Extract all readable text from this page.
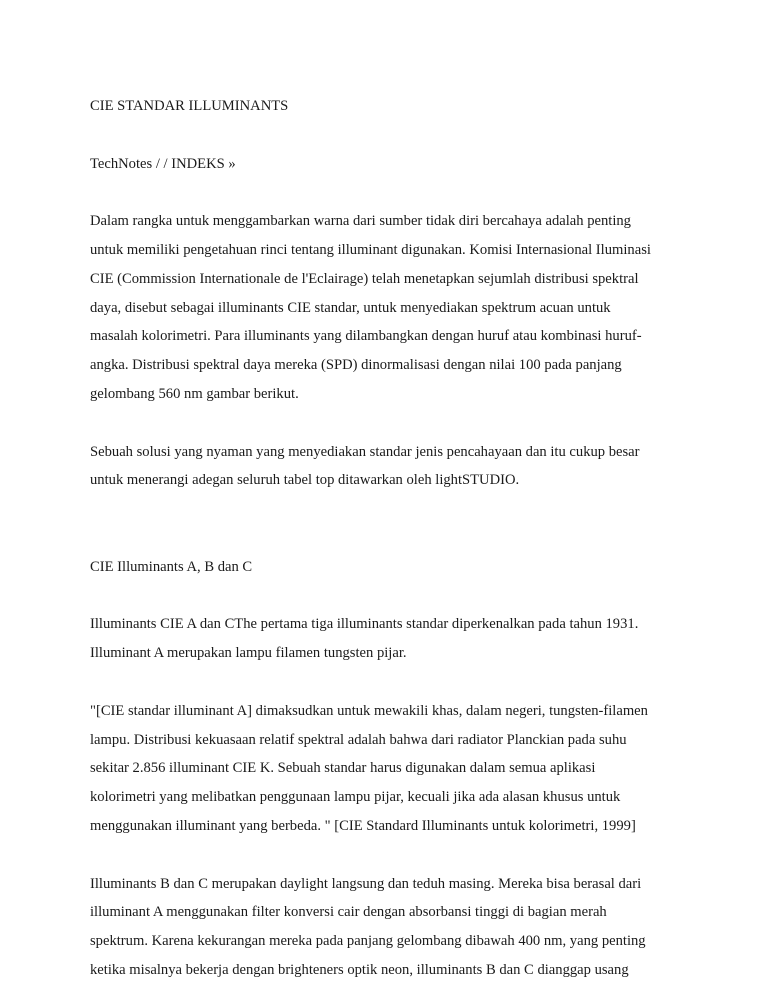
CIE STANDAR ILLUMINANTS

TechNotes / / INDEKS »

Dalam rangka untuk menggambarkan warna dari sumber tidak diri bercahaya adalah penting
untuk memiliki pengetahuan rinci tentang illuminant digunakan. Komisi Internasional Iluminasi
CIE (Commission Internationale de l'Eclairage) telah menetapkan sejumlah distribusi spektral
daya, disebut sebagai illuminants CIE standar, untuk menyediakan spektrum acuan untuk
masalah kolorimetri. Para illuminants yang dilambangkan dengan huruf atau kombinasi huruf-
angka. Distribusi spektral daya mereka (SPD) dinormalisasi dengan nilai 100 pada panjang
gelombang 560 nm gambar berikut.

Sebuah solusi yang nyaman yang menyediakan standar jenis pencahayaan dan itu cukup besar
untuk menerangi adegan seluruh tabel top ditawarkan oleh lightSTUDIO.

CIE Illuminants A, B dan C

Illuminants CIE A dan CThe pertama tiga illuminants standar diperkenalkan pada tahun 1931.
Illuminant A merupakan lampu filamen tungsten pijar.

"[CIE standar illuminant A] dimaksudkan untuk mewakili khas, dalam negeri, tungsten-filamen
lampu. Distribusi kekuasaan relatif spektral adalah bahwa dari radiator Planckian pada suhu
sekitar 2.856 illuminant CIE K. Sebuah standar harus digunakan dalam semua aplikasi
kolorimetri yang melibatkan penggunaan lampu pijar, kecuali jika ada alasan khusus untuk
menggunakan illuminant yang berbeda. " [CIE Standard Illuminants untuk kolorimetri, 1999]

Illuminants B dan C merupakan daylight langsung dan teduh masing. Mereka bisa berasal dari
illuminant A menggunakan filter konversi cair dengan absorbansi tinggi di bagian merah
spektrum. Karena kekurangan mereka pada panjang gelombang dibawah 400 nm, yang penting
ketika misalnya bekerja dengan brighteners optik neon, illuminants B dan C dianggap usang
